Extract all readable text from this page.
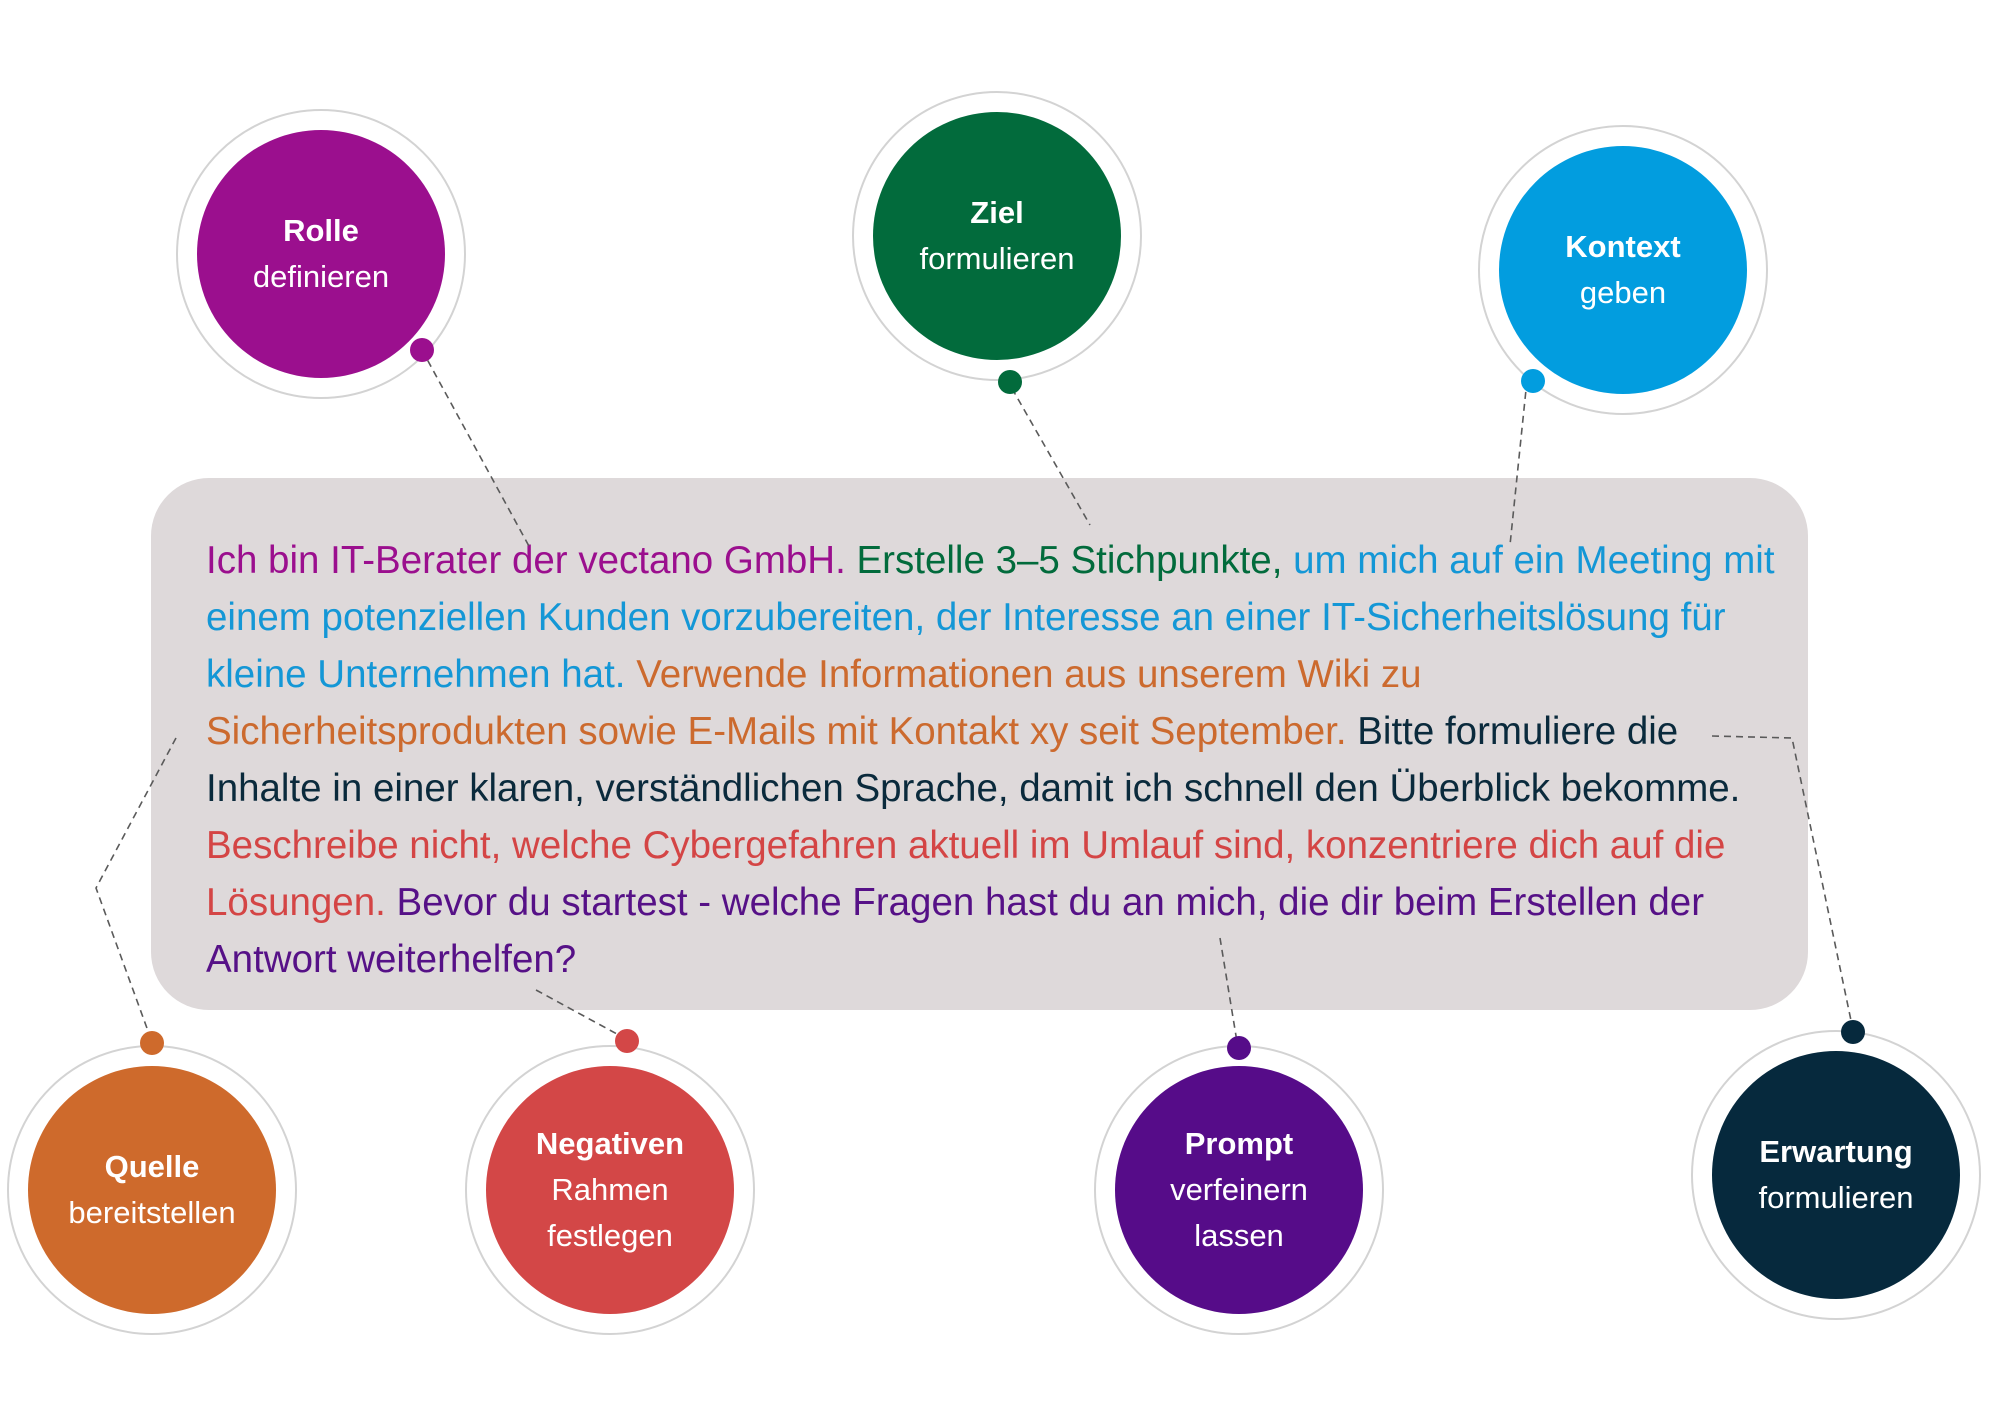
Ich bin IT-Berater der vectano GmbH. Erstelle 3–5 Stichpunkte, um mich auf ein Meeting mit einem potenziellen Kunden vorzubereiten, der Interesse an einer IT-Sicherheitslösung für kleine Unternehmen hat. Verwende Informationen aus unserem Wiki zu Sicherheitsprodukten sowie E-Mails mit Kontakt xy seit September. Bitte formuliere die Inhalte in einer klaren, verständlichen Sprache, damit ich schnell den Überblick bekomme. Beschreibe nicht, welche Cybergefahren aktuell im Umlauf sind, konzentriere dich auf die Lösungen. Bevor du startest - welche Fragen hast du an mich, die dir beim Erstellen der Antwort weiterhelfen?

Rolle
definieren
Ziel
formulieren	Kontext
geben
Quelle
bereitstellen
Negativen
Rahmen
festlegen
Prompt
verfeinern
lassen
Erwartung
formulieren
